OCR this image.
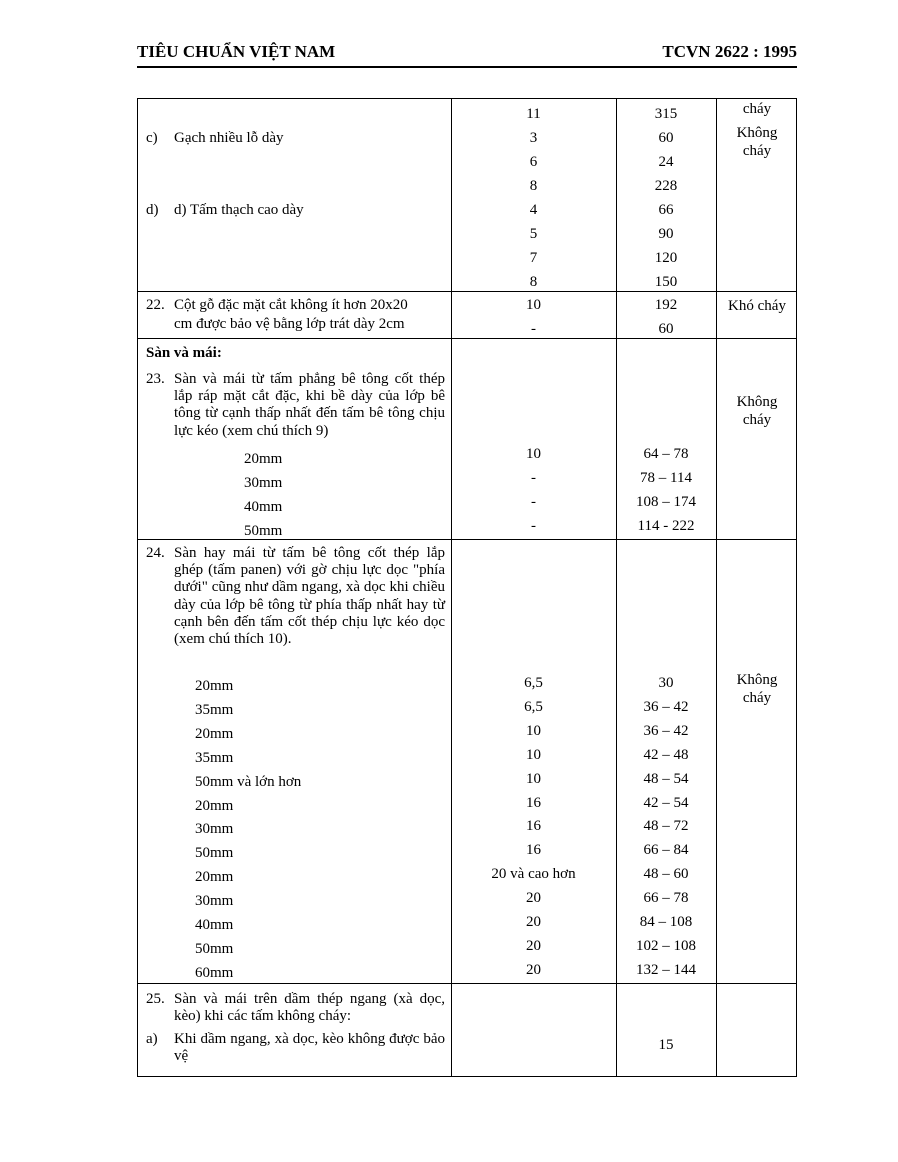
TIÊU CHUẨN VIỆT NAM	TCVN 2622 : 1995
c) Gạch nhiều lỗ dày
d) d) Tấm thạch cao dày
cháy
Không
cháy
22. Cột gỗ đặc mặt cắt không ít hơn 20x20
cm được bảo vệ bằng lớp trát dày 2cm
10
-
192
60
Khó cháy
Sàn và mái:
23. Sàn và mái từ tấm phẳng bê tông cốt thép lắp ráp mặt cắt đặc, khi bề dày của lớp bê tông từ cạnh thấp nhất đến tấm bê tông chịu lực kéo (xem chú thích 9)
Không
cháy
24. Sàn hay mái từ tấm bê tông cốt thép lắp ghép (tấm panen) với gờ chịu lực dọc "phía dưới" cũng như dầm ngang, xà dọc khi chiều dày của lớp bê tông từ phía thấp nhất hay từ cạnh bên đến tấm cốt thép chịu lực kéo dọc (xem chú thích 10).
Không
cháy
25. Sàn và mái trên dầm thép ngang (xà dọc, kèo) khi các tấm không cháy:
a) Khi dầm ngang, xà dọc, kèo không được bảo vệ
15
11
3
6
8
4
5
7
8
315
60
24
228
66
90
120
150
20mm
30mm
40mm
50mm
10
-
-
-
64 – 78
78 – 114
108 – 174
114 - 222
20mm
35mm
20mm
35mm
50mm và lớn hơn
20mm
30mm
50mm
20mm
30mm
40mm
50mm
60mm
6,5
6,5
10
10
10
16
16
16
20 và cao hơn
20
20
20
20
30
36 – 42
36 – 42
42 – 48
48 – 54
42 – 54
48 – 72
66 – 84
48 – 60
66 – 78
84 – 108
102 – 108
132 – 144
